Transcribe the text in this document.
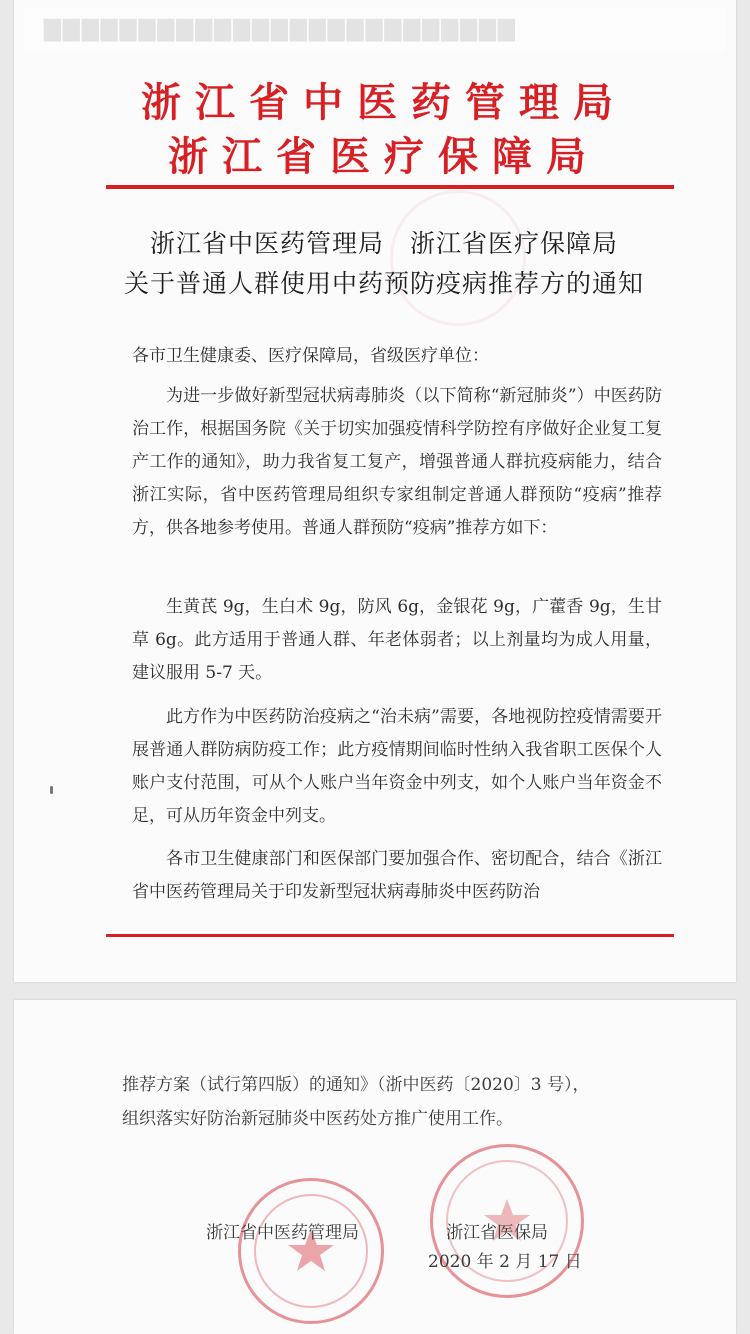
▇▇▇▇▇▇▇▇▇▇▇▇▇▇▇▇▇▇▇▇▇▇▇▇▇
浙江省中医药管理局
浙江省医疗保障局
浙江省中医药管理局　浙江省医疗保障局
关于普通人群使用中药预防疫病推荐方的通知
各市卫生健康委、医疗保障局，省级医疗单位：
为进一步做好新型冠状病毒肺炎（以下简称“新冠肺炎”）中医药防治工作，根据国务院《关于切实加强疫情科学防控有序做好企业复工复产工作的通知》，助力我省复工复产，增强普通人群抗疫病能力，结合浙江实际，省中医药管理局组织专家组制定普通人群预防“疫病”推荐方，供各地参考使用。普通人群预防“疫病”推荐方如下：
生黄芪 9g，生白术 9g，防风 6g，金银花 9g，广藿香 9g，生甘草 6g。此方适用于普通人群、年老体弱者；以上剂量均为成人用量，建议服用 5-7 天。
此方作为中医药防治疫病之“治未病”需要，各地视防控疫情需要开展普通人群防病防疫工作；此方疫情期间临时性纳入我省职工医保个人账户支付范围，可从个人账户当年资金中列支，如个人账户当年资金不足，可从历年资金中列支。
各市卫生健康部门和医保部门要加强合作、密切配合，结合《浙江省中医药管理局关于印发新型冠状病毒肺炎中医药防治
推荐方案（试行第四版）的通知》（浙中医药〔2020〕3 号），
组织落实好防治新冠肺炎中医药处方推广使用工作。
浙江省中医药管理局	浙江省医保局
2020 年 2 月 17 日
